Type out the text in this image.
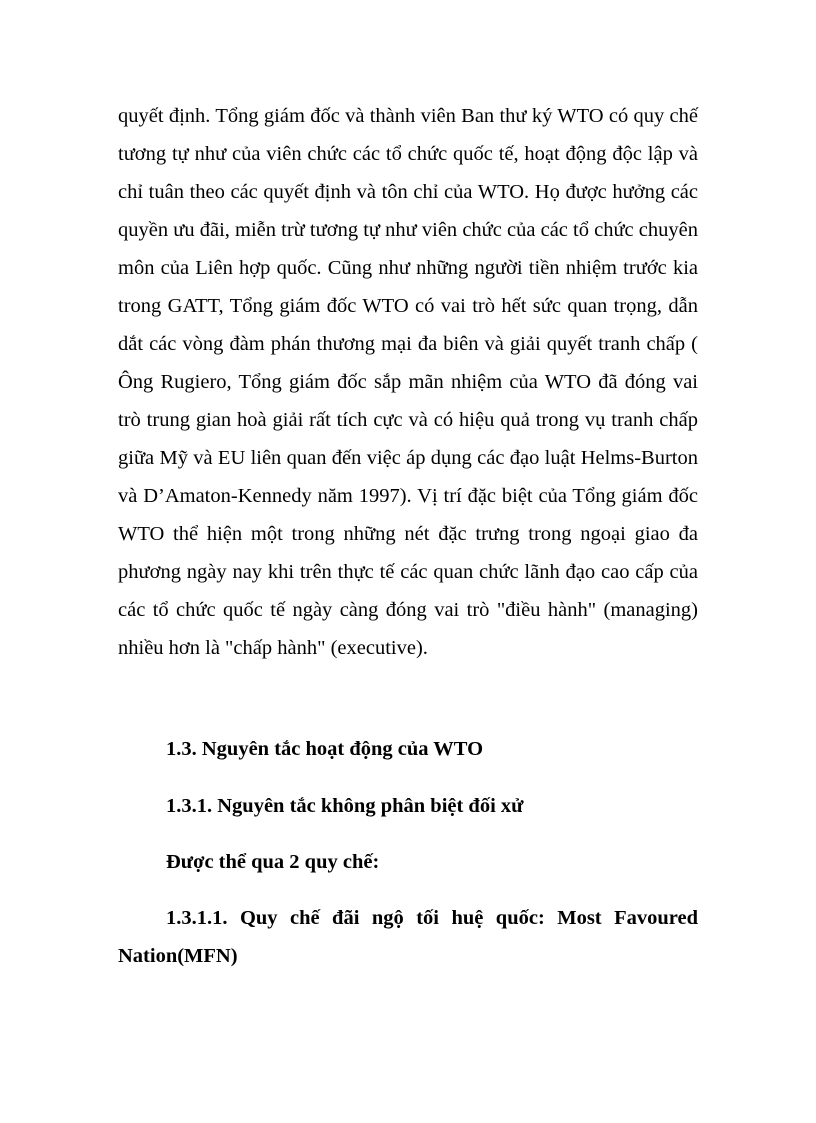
quyết định. Tổng giám đốc và thành viên Ban thư ký WTO có quy chế tương tự như của viên chức các tổ chức quốc tế, hoạt động độc lập và chỉ tuân theo các quyết định và tôn chỉ của WTO. Họ được hưởng các quyền ưu đãi, miễn trừ tương tự như viên chức của các tổ chức chuyên môn của Liên hợp quốc. Cũng như những người tiền nhiệm trước kia trong GATT, Tổng giám đốc WTO có vai trò hết sức quan trọng, dẫn dắt các vòng đàm phán thương mại đa biên và giải quyết tranh chấp ( Ông Rugiero, Tổng giám đốc sắp mãn nhiệm của WTO đã đóng vai trò trung gian hoà giải rất tích cực và có hiệu quả trong vụ tranh chấp giữa Mỹ và EU liên quan đến việc áp dụng các đạo luật Helms-Burton và D’Amaton-Kennedy năm 1997). Vị trí đặc biệt của Tổng giám đốc WTO thể hiện một trong những nét đặc trưng trong ngoại giao đa phương ngày nay khi trên thực tế các quan chức lãnh đạo cao cấp của các tổ chức quốc tế ngày càng đóng vai trò "điều hành" (managing) nhiều hơn là "chấp hành" (executive).

1.3. Nguyên tắc hoạt động của WTO

1.3.1. Nguyên tắc không phân biệt đối xử

Được thể qua 2 quy chế:

1.3.1.1. Quy chế đãi ngộ tối huệ quốc: Most Favoured Nation(MFN)
